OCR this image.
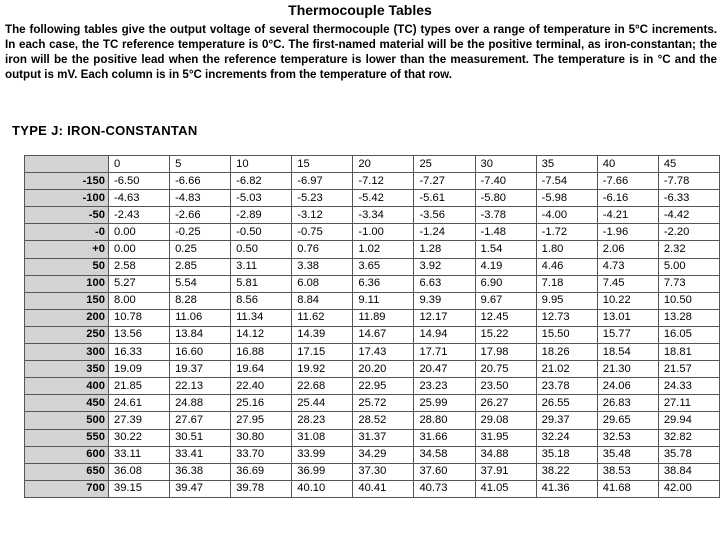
Thermocouple Tables
The following tables give the output voltage of several thermocouple (TC) types over a range of temperature in 5°C increments. In each case, the TC reference temperature is 0°C. The first-named material will be the positive terminal, as iron-constantan; the iron will be the positive lead when the reference temperature is lower than the measurement. The temperature is in °C and the output is mV. Each column is in 5°C increments from the temperature of that row.
TYPE J: IRON-CONSTANTAN
	0	5	10	15	20	25	30	35	40	45
-150	-6.50	-6.66	-6.82	-6.97	-7.12	-7.27	-7.40	-7.54	-7.66	-7.78
-100	-4.63	-4.83	-5.03	-5.23	-5.42	-5.61	-5.80	-5.98	-6.16	-6.33
-50	-2.43	-2.66	-2.89	-3.12	-3.34	-3.56	-3.78	-4.00	-4.21	-4.42
-0	0.00	-0.25	-0.50	-0.75	-1.00	-1.24	-1.48	-1.72	-1.96	-2.20
+0	0.00	0.25	0.50	0.76	1.02	1.28	1.54	1.80	2.06	2.32
50	2.58	2.85	3.11	3.38	3.65	3.92	4.19	4.46	4.73	5.00
100	5.27	5.54	5.81	6.08	6.36	6.63	6.90	7.18	7.45	7.73
150	8.00	8.28	8.56	8.84	9.11	9.39	9.67	9.95	10.22	10.50
200	10.78	11.06	11.34	11.62	11.89	12.17	12.45	12.73	13.01	13.28
250	13.56	13.84	14.12	14.39	14.67	14.94	15.22	15.50	15.77	16.05
300	16.33	16.60	16.88	17.15	17.43	17.71	17.98	18.26	18.54	18.81
350	19.09	19.37	19.64	19.92	20.20	20.47	20.75	21.02	21.30	21.57
400	21.85	22.13	22.40	22.68	22.95	23.23	23.50	23.78	24.06	24.33
450	24.61	24.88	25.16	25.44	25.72	25.99	26.27	26.55	26.83	27.11
500	27.39	27.67	27.95	28.23	28.52	28.80	29.08	29.37	29.65	29.94
550	30.22	30.51	30.80	31.08	31.37	31.66	31.95	32.24	32.53	32.82
600	33.11	33.41	33.70	33.99	34.29	34.58	34.88	35.18	35.48	35.78
650	36.08	36.38	36.69	36.99	37.30	37.60	37.91	38.22	38.53	38.84
700	39.15	39.47	39.78	40.10	40.41	40.73	41.05	41.36	41.68	42.00
